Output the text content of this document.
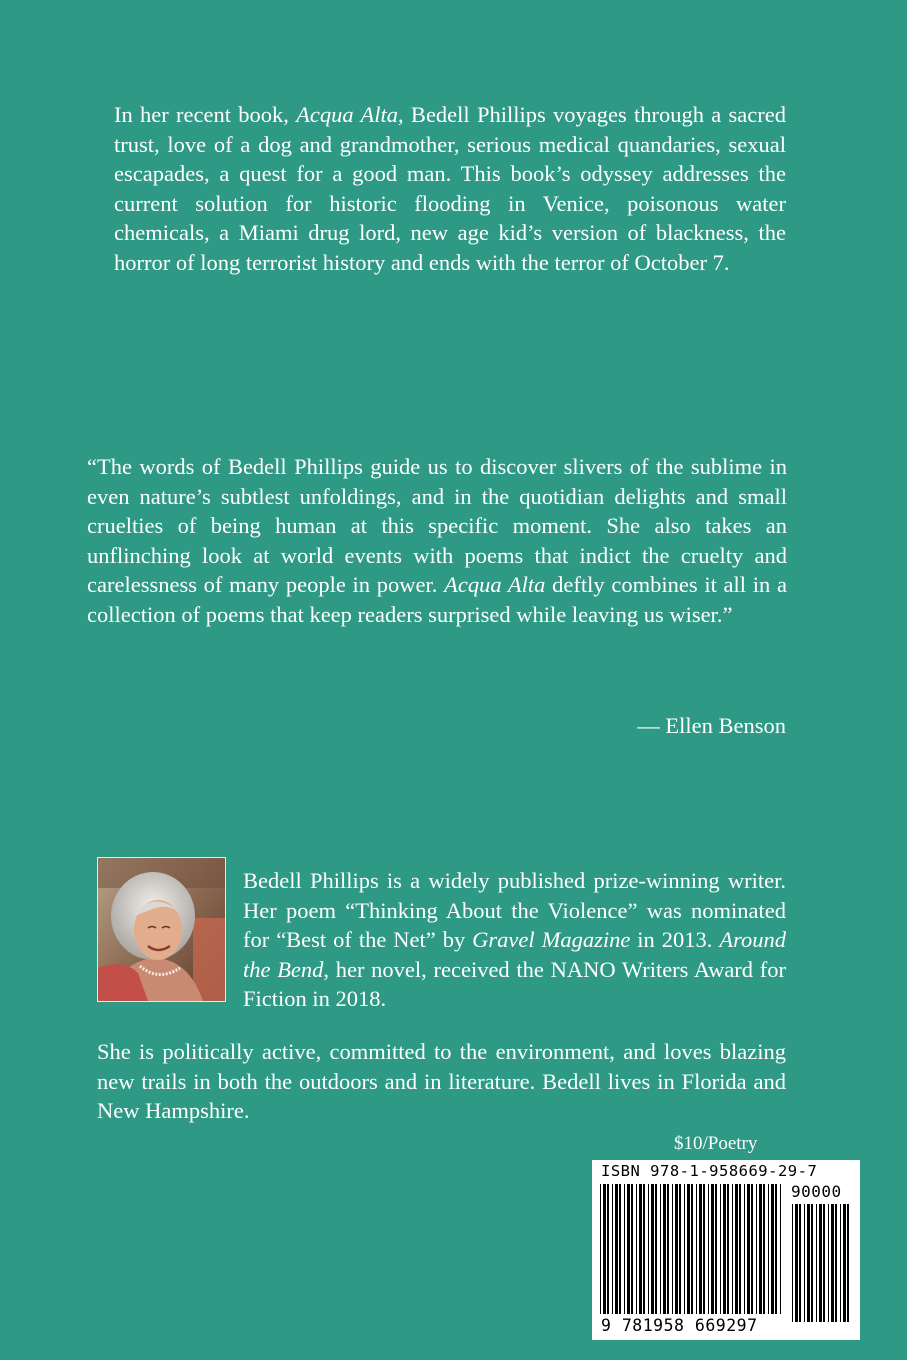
In her recent book, Acqua Alta, Bedell Phillips voyages through a sacred trust, love of a dog and grandmother, serious medical quandaries, sexual escapades, a quest for a good man. This book’s odyssey addresses the current solution for historic flooding in Venice, poisonous water chemicals, a Miami drug lord, new age kid’s version of blackness, the horror of long terrorist history and ends with the terror of October 7.
“The words of Bedell Phillips guide us to discover slivers of the sublime in even nature’s subtlest unfoldings, and in the quotidian delights and small cruelties of being human at this specific moment. She also takes an unflinching look at world events with poems that indict the cruelty and carelessness of many people in power. Acqua Alta deftly combines it all in a collection of poems that keep readers surprised while leaving us wiser.”
— Ellen Benson
Bedell Phillips is a widely published prize-winning writer. Her poem “Thinking About the Violence” was nominated for “Best of the Net” by Gravel Magazine in 2013. Around the Bend, her novel, received the NANO Writers Award for Fiction in 2018.
She is politically active, committed to the environment, and loves blazing new trails in both the outdoors and in literature. Bedell lives in Florida and New Hampshire.
$10/Poetry
ISBN 978-1-958669-29-7
90000
9 781958 669297
